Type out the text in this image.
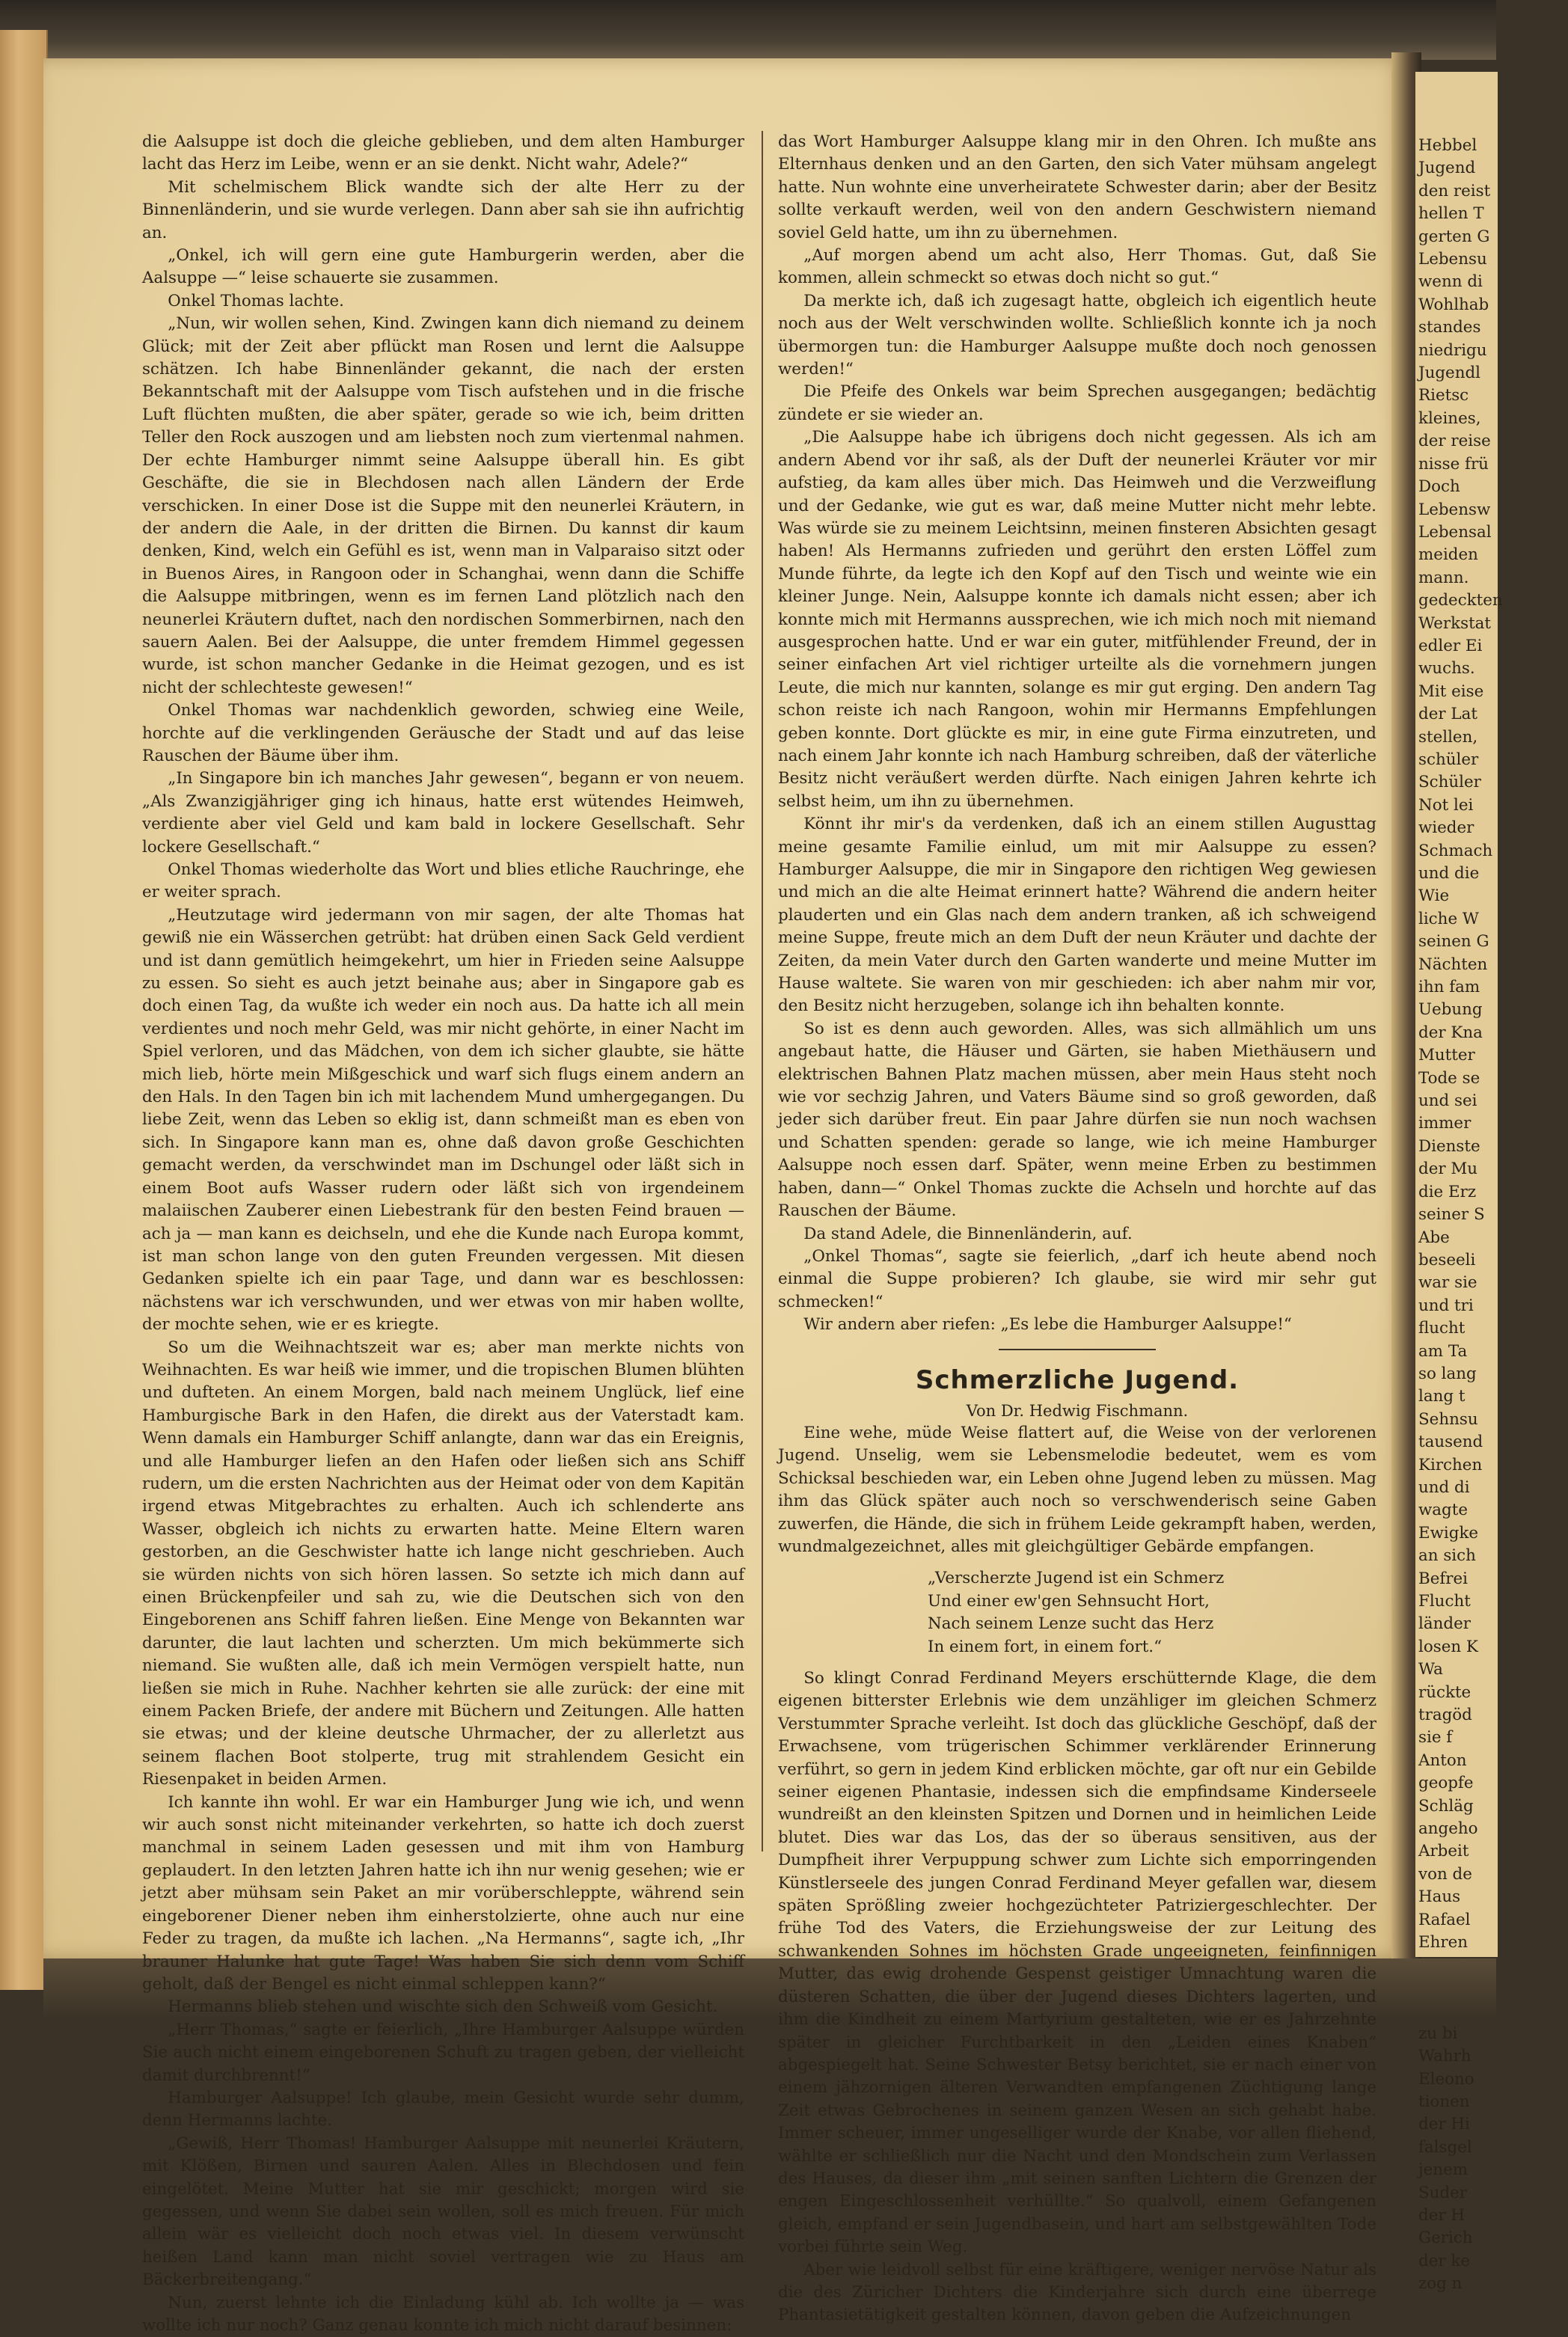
Hebbel
Jugend
den reist
hellen T
gerten G
Lebensu
wenn di
Wohlhab
standes
niedrigu
Jugendl
Rietsc
kleines,
der reise
nisse frü
Doch
Lebensw
Lebensal
meiden
mann.
gedeckten
Werkstat
edler Ei
wuchs.
Mit eise
der Lat
stellen,
schüler
Schüler
Not lei
wieder
Schmach
und die
Wie
liche W
seinen G
Nächten
ihn fam
Uebung
der Kna
Mutter
Tode se
und sei
immer
Dienste
der Mu
die Erz
seiner S
Abe
beseeli
war sie
und tri
flucht
am Ta
so lang
lang t
Sehnsu
tausend
Kirchen
und di
wagte
Ewigke
an sich
Befrei
Flucht
länder
losen K
Wa
rückte
tragöd
sie f
Anton
geopfe
Schläg
angeho
Arbeit
von de
Haus
Rafael
Ehren
zu bi
Wahrh
Eleono
tionen
der Hi
falsgel
jenem
Suder
der H
Gerich
der ke
zog n

die Aalsuppe ist doch die gleiche geblieben, und dem alten Hamburger lacht das Herz im Leibe, wenn er an sie denkt. Nicht wahr, Adele?“

Mit schelmischem Blick wandte sich der alte Herr zu der Binnenländerin, und sie wurde verlegen. Dann aber sah sie ihn aufrichtig an.

„Onkel, ich will gern eine gute Hamburgerin werden, aber die Aalsuppe —“ leise schauerte sie zusammen.

Onkel Thomas lachte.

„Nun, wir wollen sehen, Kind. Zwingen kann dich niemand zu deinem Glück; mit der Zeit aber pflückt man Rosen und lernt die Aalsuppe schätzen. Ich habe Binnenländer gekannt, die nach der ersten Bekanntschaft mit der Aalsuppe vom Tisch aufstehen und in die frische Luft flüchten mußten, die aber später, gerade so wie ich, beim dritten Teller den Rock auszogen und am liebsten noch zum viertenmal nahmen. Der echte Hamburger nimmt seine Aalsuppe überall hin. Es gibt Geschäfte, die sie in Blechdosen nach allen Ländern der Erde verschicken. In einer Dose ist die Suppe mit den neunerlei Kräutern, in der andern die Aale, in der dritten die Birnen. Du kannst dir kaum denken, Kind, welch ein Gefühl es ist, wenn man in Valparaiso sitzt oder in Buenos Aires, in Rangoon oder in Schanghai, wenn dann die Schiffe die Aalsuppe mitbringen, wenn es im fernen Land plötzlich nach den neunerlei Kräutern duftet, nach den nordischen Sommerbirnen, nach den sauern Aalen. Bei der Aalsuppe, die unter fremdem Himmel gegessen wurde, ist schon mancher Gedanke in die Heimat gezogen, und es ist nicht der schlechteste gewesen!“

Onkel Thomas war nachdenklich geworden, schwieg eine Weile, horchte auf die verklingenden Geräusche der Stadt und auf das leise Rauschen der Bäume über ihm.

„In Singapore bin ich manches Jahr gewesen“, begann er von neuem. „Als Zwanzigjähriger ging ich hinaus, hatte erst wütendes Heimweh, verdiente aber viel Geld und kam bald in lockere Gesellschaft. Sehr lockere Gesellschaft.“

Onkel Thomas wiederholte das Wort und blies etliche Rauchringe, ehe er weiter sprach.

„Heutzutage wird jedermann von mir sagen, der alte Thomas hat gewiß nie ein Wässerchen getrübt: hat drüben einen Sack Geld verdient und ist dann gemütlich heimgekehrt, um hier in Frieden seine Aalsuppe zu essen. So sieht es auch jetzt beinahe aus; aber in Singapore gab es doch einen Tag, da wußte ich weder ein noch aus. Da hatte ich all mein verdientes und noch mehr Geld, was mir nicht gehörte, in einer Nacht im Spiel verloren, und das Mädchen, von dem ich sicher glaubte, sie hätte mich lieb, hörte mein Mißgeschick und warf sich flugs einem andern an den Hals. In den Tagen bin ich mit lachendem Mund umhergegangen. Du liebe Zeit, wenn das Leben so eklig ist, dann schmeißt man es eben von sich. In Singapore kann man es, ohne daß davon große Geschichten gemacht werden, da verschwindet man im Dschungel oder läßt sich in einem Boot aufs Wasser rudern oder läßt sich von irgendeinem malaiischen Zauberer einen Liebestrank für den besten Feind brauen — ach ja — man kann es deichseln, und ehe die Kunde nach Europa kommt, ist man schon lange von den guten Freunden vergessen. Mit diesen Gedanken spielte ich ein paar Tage, und dann war es beschlossen: nächstens war ich verschwunden, und wer etwas von mir haben wollte, der mochte sehen, wie er es kriegte.

So um die Weihnachtszeit war es; aber man merkte nichts von Weihnachten. Es war heiß wie immer, und die tropischen Blumen blühten und dufteten. An einem Morgen, bald nach meinem Unglück, lief eine Hamburgische Bark in den Hafen, die direkt aus der Vaterstadt kam. Wenn damals ein Hamburger Schiff anlangte, dann war das ein Ereignis, und alle Hamburger liefen an den Hafen oder ließen sich ans Schiff rudern, um die ersten Nachrichten aus der Heimat oder von dem Kapitän irgend etwas Mitgebrachtes zu erhalten. Auch ich schlenderte ans Wasser, obgleich ich nichts zu erwarten hatte. Meine Eltern waren gestorben, an die Geschwister hatte ich lange nicht geschrieben. Auch sie würden nichts von sich hören lassen. So setzte ich mich dann auf einen Brückenpfeiler und sah zu, wie die Deutschen sich von den Eingeborenen ans Schiff fahren ließen. Eine Menge von Bekannten war darunter, die laut lachten und scherzten. Um mich bekümmerte sich niemand. Sie wußten alle, daß ich mein Vermögen verspielt hatte, nun ließen sie mich in Ruhe. Nachher kehrten sie alle zurück: der eine mit einem Packen Briefe, der andere mit Büchern und Zeitungen. Alle hatten sie etwas; und der kleine deutsche Uhrmacher, der zu allerletzt aus seinem flachen Boot stolperte, trug mit strahlendem Gesicht ein Riesenpaket in beiden Armen.

Ich kannte ihn wohl. Er war ein Hamburger Jung wie ich, und wenn wir auch sonst nicht miteinander verkehrten, so hatte ich doch zuerst manchmal in seinem Laden gesessen und mit ihm von Hamburg geplaudert. In den letzten Jahren hatte ich ihn nur wenig gesehen; wie er jetzt aber mühsam sein Paket an mir vorüberschleppte, während sein eingeborener Diener neben ihm einherstolzierte, ohne auch nur eine Feder zu tragen, da mußte ich lachen. „Na Hermanns“, sagte ich, „Ihr brauner Halunke hat gute Tage! Was haben Sie sich denn vom Schiff geholt, daß der Bengel es nicht einmal schleppen kann?“

Hermanns blieb stehen und wischte sich den Schweiß vom Gesicht.

„Herr Thomas,“ sagte er feierlich, „Ihre Hamburger Aalsuppe würden Sie auch nicht einem eingeborenen Schuft zu tragen geben, der vielleicht damit durchbrennt!“

Hamburger Aalsuppe! Ich glaube, mein Gesicht wurde sehr dumm, denn Hermanns lachte.

„Gewiß, Herr Thomas! Hamburger Aalsuppe mit neunerlei Kräutern, mit Klößen, Birnen und sauren Aalen. Alles in Blechdosen und fein eingelötet. Meine Mutter hat sie mir geschickt; morgen wird sie gegessen, und wenn Sie dabei sein wollen, soll es mich freuen. Für mich allein wär es vielleicht doch noch etwas viel. In diesem verwünscht heißen Land kann man nicht soviel vertragen wie zu Haus am Bäckerbreitengang.“

Nun, zuerst lehnte ich die Einladung kühl ab. Ich wollte ja — was wollte ich nur noch? Ganz genau konnte ich mich nicht darauf besinnen:

das Wort Hamburger Aalsuppe klang mir in den Ohren. Ich mußte ans Elternhaus denken und an den Garten, den sich Vater mühsam angelegt hatte. Nun wohnte eine unverheiratete Schwester darin; aber der Besitz sollte verkauft werden, weil von den andern Geschwistern niemand soviel Geld hatte, um ihn zu übernehmen.

„Auf morgen abend um acht also, Herr Thomas. Gut, daß Sie kommen, allein schmeckt so etwas doch nicht so gut.“

Da merkte ich, daß ich zugesagt hatte, obgleich ich eigentlich heute noch aus der Welt verschwinden wollte. Schließlich konnte ich ja noch übermorgen tun: die Hamburger Aalsuppe mußte doch noch genossen werden!“

Die Pfeife des Onkels war beim Sprechen ausgegangen; bedächtig zündete er sie wieder an.

„Die Aalsuppe habe ich übrigens doch nicht gegessen. Als ich am andern Abend vor ihr saß, als der Duft der neunerlei Kräuter vor mir aufstieg, da kam alles über mich. Das Heimweh und die Verzweiflung und der Gedanke, wie gut es war, daß meine Mutter nicht mehr lebte. Was würde sie zu meinem Leichtsinn, meinen finsteren Absichten gesagt haben! Als Hermanns zufrieden und gerührt den ersten Löffel zum Munde führte, da legte ich den Kopf auf den Tisch und weinte wie ein kleiner Junge. Nein, Aalsuppe konnte ich damals nicht essen; aber ich konnte mich mit Hermanns aussprechen, wie ich mich noch mit niemand ausgesprochen hatte. Und er war ein guter, mitfühlender Freund, der in seiner einfachen Art viel richtiger urteilte als die vornehmern jungen Leute, die mich nur kannten, solange es mir gut erging. Den andern Tag schon reiste ich nach Rangoon, wohin mir Hermanns Empfehlungen geben konnte. Dort glückte es mir, in eine gute Firma einzutreten, und nach einem Jahr konnte ich nach Hamburg schreiben, daß der väterliche Besitz nicht veräußert werden dürfte. Nach einigen Jahren kehrte ich selbst heim, um ihn zu übernehmen.

Könnt ihr mir's da verdenken, daß ich an einem stillen Augusttag meine gesamte Familie einlud, um mit mir Aalsuppe zu essen? Hamburger Aalsuppe, die mir in Singapore den richtigen Weg gewiesen und mich an die alte Heimat erinnert hatte? Während die andern heiter plauderten und ein Glas nach dem andern tranken, aß ich schweigend meine Suppe, freute mich an dem Duft der neun Kräuter und dachte der Zeiten, da mein Vater durch den Garten wanderte und meine Mutter im Hause waltete. Sie waren von mir geschieden: ich aber nahm mir vor, den Besitz nicht herzugeben, solange ich ihn behalten konnte.

So ist es denn auch geworden. Alles, was sich allmählich um uns angebaut hatte, die Häuser und Gärten, sie haben Miethäusern und elektrischen Bahnen Platz machen müssen, aber mein Haus steht noch wie vor sechzig Jahren, und Vaters Bäume sind so groß geworden, daß jeder sich darüber freut. Ein paar Jahre dürfen sie nun noch wachsen und Schatten spenden: gerade so lange, wie ich meine Hamburger Aalsuppe noch essen darf. Später, wenn meine Erben zu bestimmen haben, dann—“ Onkel Thomas zuckte die Achseln und horchte auf das Rauschen der Bäume.

Da stand Adele, die Binnenländerin, auf.

„Onkel Thomas“, sagte sie feierlich, „darf ich heute abend noch einmal die Suppe probieren? Ich glaube, sie wird mir sehr gut schmecken!“

Wir andern aber riefen: „Es lebe die Hamburger Aalsuppe!“

Schmerzliche Jugend.

Von Dr. Hedwig Fischmann.

Eine wehe, müde Weise flattert auf, die Weise von der verlorenen Jugend. Unselig, wem sie Lebensmelodie bedeutet, wem es vom Schicksal beschieden war, ein Leben ohne Jugend leben zu müssen. Mag ihm das Glück später auch noch so verschwenderisch seine Gaben zuwerfen, die Hände, die sich in frühem Leide gekrampft haben, werden, wundmalgezeichnet, alles mit gleichgültiger Gebärde empfangen.

„Verscherzte Jugend ist ein Schmerz
Und einer ew'gen Sehnsucht Hort,
Nach seinem Lenze sucht das Herz
In einem fort, in einem fort.“

So klingt Conrad Ferdinand Meyers erschütternde Klage, die dem eigenen bitterster Erlebnis wie dem unzähliger im gleichen Schmerz Verstummter Sprache verleiht. Ist doch das glückliche Geschöpf, daß der Erwachsene, vom trügerischen Schimmer verklärender Erinnerung verführt, so gern in jedem Kind erblicken möchte, gar oft nur ein Gebilde seiner eigenen Phantasie, indessen sich die empfindsame Kinderseele wundreißt an den kleinsten Spitzen und Dornen und in heimlichen Leide blutet. Dies war das Los, das der so überaus sensitiven, aus der Dumpfheit ihrer Verpuppung schwer zum Lichte sich emporringenden Künstlerseele des jungen Conrad Ferdinand Meyer gefallen war, diesem späten Sprößling zweier hochgezüchteter Patriziergeschlechter. Der frühe Tod des Vaters, die Erziehungsweise der zur Leitung des schwankenden Sohnes im höchsten Grade ungeeigneten, feinfinnigen Mutter, das ewig drohende Gespenst geistiger Umnachtung waren die düsteren Schatten, die über der Jugend dieses Dichters lagerten, und ihm die Kindheit zu einem Martyrium gestalteten, wie er es Jahrzehnte später in gleicher Furchtbarkeit in den „Leiden eines Knaben“ abgespiegelt hat. Seine Schwester Betsy berichtet, sie er nach einer von einem jähzornigen älteren Verwandten empfangenen Züchtigung lange Zeit etwas Gebrochenes in seinem ganzen Wesen an sich gehabt habe. Immer scheuer, immer ungeselliger wurde der Knabe, vor allen fliehend, wählte er schließlich nur die Nacht und den Mondschein zum Verlassen des Hauses, da dieser ihm „mit seinen sanften Lichtern die Grenzen der engen Eingeschlossenheit verhüllte.“ So qualvoll, einem Gefangenen gleich, empfand er sein Jugendbasein, und hart am selbstgewählten Tode vorbei führte sein Weg.

Aber wie leidvoll selbst für eine kräftigere, weniger nervöse Natur als die des Züricher Dichters die Kinderjahre sich durch eine überrege Phantasietätigkeit gestalten können, davon geben die Aufzeichnungen
